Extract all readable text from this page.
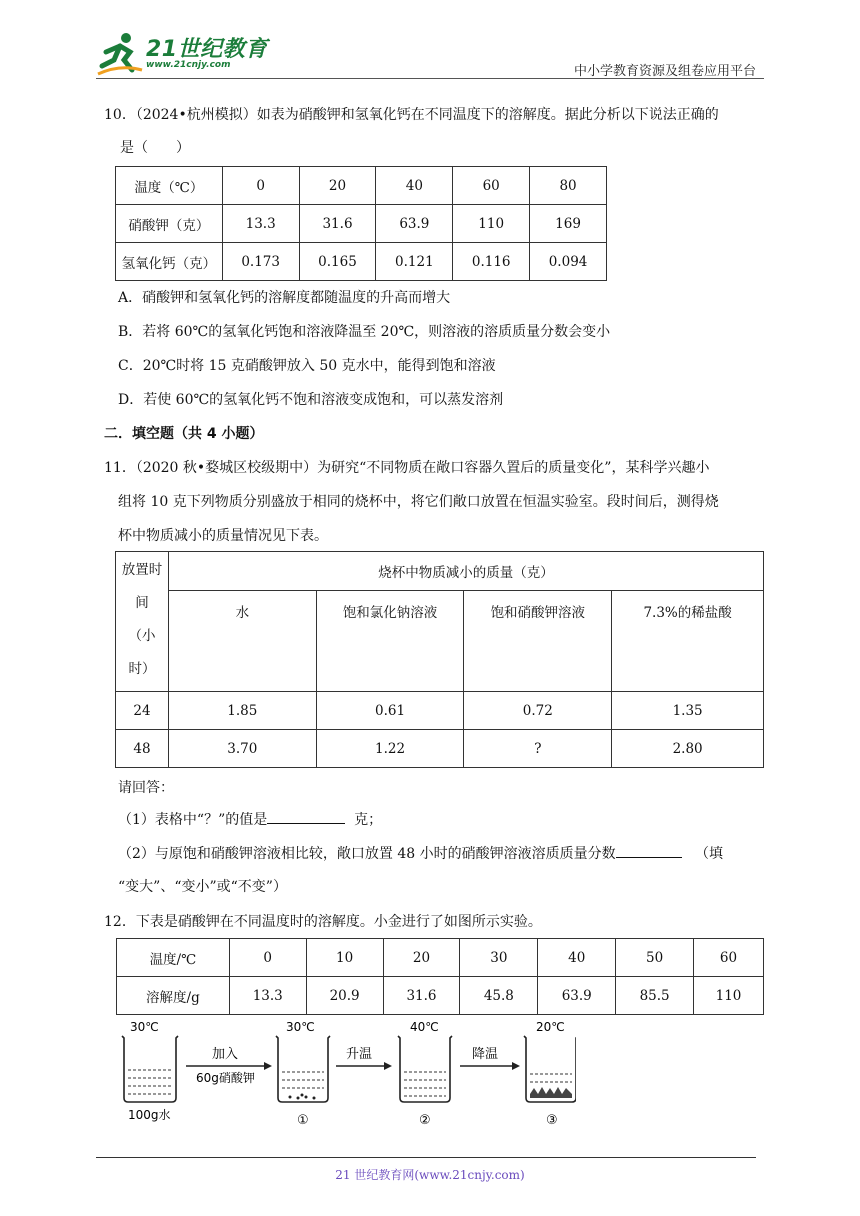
21世纪教育
www.21cnjy.com	中小学教育资源及组卷应用平台
10．（2024•杭州模拟）如表为硝酸钾和氢氧化钙在不同温度下的溶解度。据此分析以下说法正确的
是（　　）
温度（℃）	0	20	40	60	80
硝酸钾（克）	13.3	31.6	63.9	110	169
氢氧化钙（克）	0.173	0.165	0.121	0.116	0.094
A．硝酸钾和氢氧化钙的溶解度都随温度的升高而增大
B．若将 60℃的氢氧化钙饱和溶液降温至 20℃，则溶液的溶质质量分数会变小
C．20℃时将 15 克硝酸钾放入 50 克水中，能得到饱和溶液
D．若使 60℃的氢氧化钙不饱和溶液变成饱和，可以蒸发溶剂
二．填空题（共 4 小题）
11．（2020 秋•婺城区校级期中）为研究“不同物质在敞口容器久置后的质量变化”，某科学兴趣小
组将 10 克下列物质分别盛放于相同的烧杯中，将它们敞口放置在恒温实验室。段时间后，测得烧
杯中物质减小的质量情况见下表。
放置时
间
（小
时）	烧杯中物质减小的质量（克）			
	水	饱和氯化钠溶液	饱和硝酸钾溶液	7.3%的稀盐酸
24	1.85	0.61	0.72	1.35
48	3.70	1.22	?	2.80
请回答：
（1）表格中“？”的值是	克；
（2）与原饱和硝酸钾溶液相比较，敞口放置 48 小时的硝酸钾溶液溶质质量分数	（填
“变大”、“变小”或“不变”）
12．下表是硝酸钾在不同温度时的溶解度。小金进行了如图所示实验。
温度/℃	0	10	20	30	40	50	60
溶解度/g	13.3	20.9	31.6	45.8	63.9	85.5	110
30℃
100g水
加入
60g硝酸钾
30℃
①
升温
40℃
②
降温
20℃
③
21 世纪教育网(www.21cnjy.com)
